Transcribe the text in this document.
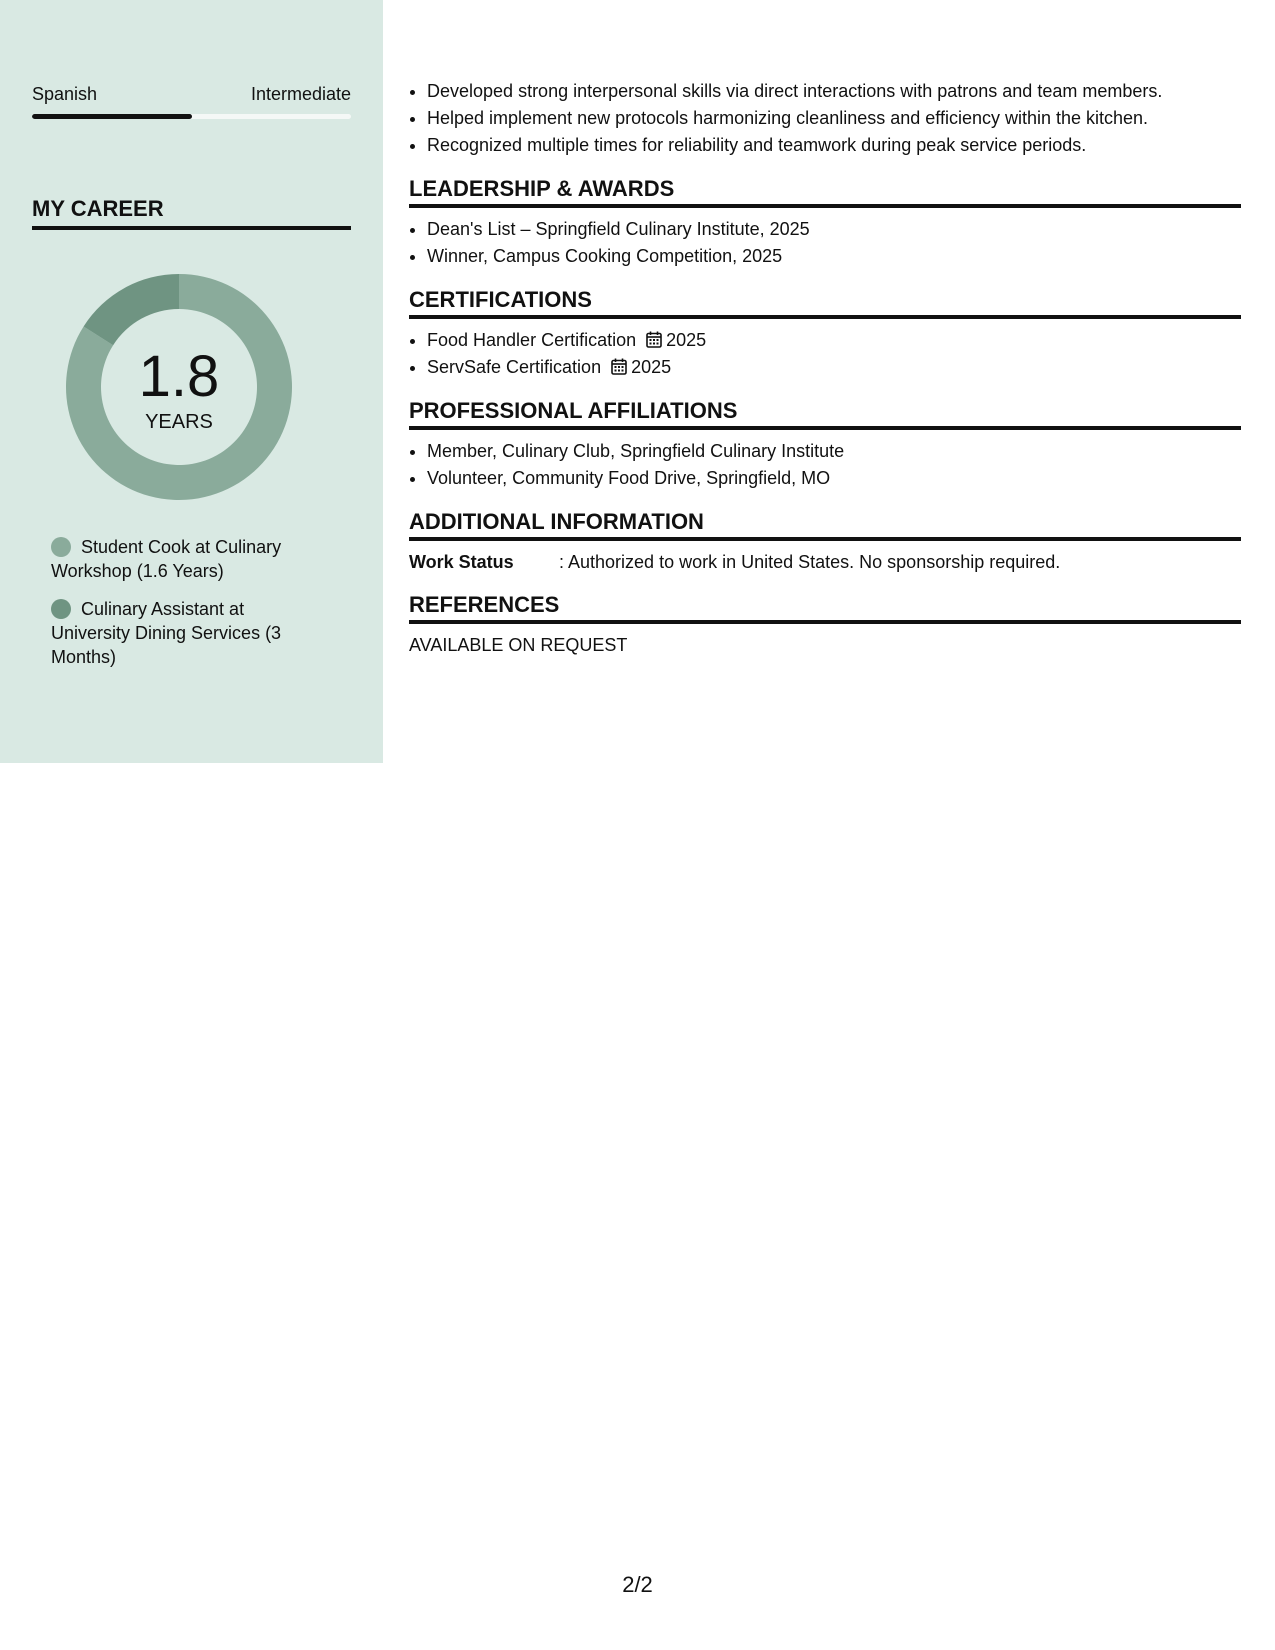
Spanish	Intermediate
MY CAREER
1.8
YEARS
Student Cook at Culinary Workshop (1.6 Years)
Culinary Assistant at University Dining Services (3 Months)
• Developed strong interpersonal skills via direct interactions with patrons and team members.
• Helped implement new protocols harmonizing cleanliness and efficiency within the kitchen.
• Recognized multiple times for reliability and teamwork during peak service periods.
LEADERSHIP & AWARDS
• Dean's List – Springfield Culinary Institute, 2025
• Winner, Campus Cooking Competition, 2025
CERTIFICATIONS
• Food Handler Certification 2025
• ServSafe Certification 2025
PROFESSIONAL AFFILIATIONS
• Member, Culinary Club, Springfield Culinary Institute
• Volunteer, Community Food Drive, Springfield, MO
ADDITIONAL INFORMATION
Work Status	: Authorized to work in United States. No sponsorship required.
REFERENCES
AVAILABLE ON REQUEST
2/2
